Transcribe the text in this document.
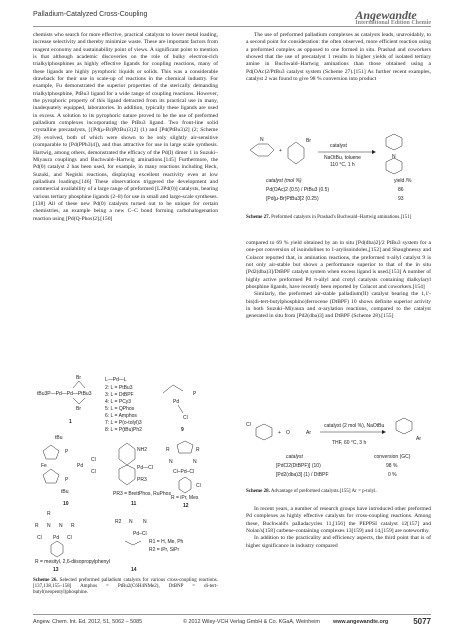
Palladium-Catalyzed Cross-Coupling	Angewandte
International Edition Chemie

chemists who search for more effective, practical catalysts to lower metal loading, increase selectivity and thereby minimize waste. These are important factors from reagent economy and sustainability point of views. A significant point to mention is that although academic discoveries on the role of bulky electron-rich trialkylphosphines as highly effective ligands for coupling reactions, many of these ligands are highly pyrophoric liquids or solids. This was a considerable drawback for their use in scale-up of reactions in the chemical industry. For example, Fu demonstrated the superior properties of the sterically demanding trialkylphosphine, PtBu3 ligand for a wide range of coupling reactions. However, the pyrophoric property of this ligand detracted from its practical use in many, inadequately equipped, laboratories. In addition, typically these ligands are used in excess. A solution to its pyrophoric nature proved to be the use of preformed palladium complexes incorporating the PtBu3 ligand. Two front-line solid crystalline precatalysts, [{Pd(μ-Br)P(tBu)3}2] (1) and [Pd(PtBu3)2] (2; Scheme 26) evolved, both of which were shown to be only slightly air-sensitive (comparable to [Pd(PPh3)4]), and thus attractive for use in large scale synthesis. Hartwig, among others, demonstrated the efficacy of the Pd(I) dimer 1 in Suzuki–Miyaura couplings and Buchwald–Hartwig aminations.[145] Furthermore, the Pd(0) catalyst 2 has been used, for example, in many reactions including Heck, Suzuki, and Negishi reactions, displaying excellent reactivity even at low palladium loadings.[146] These observations triggered the development and commercial availability of a large range of preformed [L2Pd(0)] catalysts, bearing various tertiary phosphine ligands (2–8) for use in small and large-scale syntheses.[138] All of these new Pd(0) catalysts turned out to be unique for certain chemistries, an example being a new C–C bond forming carbohalogenation reaction using [Pd(Q-Phos)2].[150]

tBu3P—Pd—Pd—PtBu3
Br
Br
1
L—Pd—L
2: L = PtBu3
3: L = DtBPF
4: L = PCy3
5: L = QPhos
6: L = Amphos
7: L = P(o-tolyl)3
8: L = P(tBu)Ph2
Pd
Cl
P
9
tBu
Fe
P
P
Pd
Cl
Cl
tBu
10
NH2
Pd—Cl
PR3
PR3 = BrettPhos, RuPhos
11
R	R
N	N
Cl–Pd–Cl
Cl
R = iPr, Mes
12
R
R N N R
Cl Pd Cl
R = mesityl, 2,6-diisopropylphenyl
13
R2 N N
Pd–Cl
R1 = H, Me, Ph
R2 = iPr, SiPr
14
Scheme 26. Selected preformed palladium catalysts for various cross-coupling reactions.[137,138,155–158] Amphos = PtBu2(C6H4NMe2), DtBNP = di-tert-butyl(neopentyl)phosphine.

The use of preformed palladium complexes as catalysts leads, unavoidably, to a second point for consideration: the often observed, more efficient reaction using a preformed complex as opposed to one formed in situ. Prashad and coworkers showed that the use of precatalyst 1 results in higher yields of isolated tertiary amine in Buchwald–Hartwig aminations than those obtained using a Pd(OAc)2/PtBu3 catalyst system (Scheme 27).[151] As further recent examples, catalyst 2 was found to give 98 % conversion into product

N
+
Br
catalyst
NaOtBu, toluene
110 °C, 1 h
N
catalyst (mol %)	yield /%
Pd(OAc)2 (0.5) / PtBu3 (0.5)	86
[Pd(μ-Br)PtBu3]2 (0.25)	93
Scheme 27. Preformed catalysts in Prashad's Buchwald–Hartwig aminations.[151]

compared to 69 % yield obtained by an in situ [Pd(dba)2]/2 PtBu3 system for a one-pot conversion of isoindolines to 1-arylisoindoles,[152] and Shaughnessy and Colacot reported that, in amination reactions, the preformed π-allyl catalyst 9 is not only air-stable but shows a performance superior to that of the in situ [Pd2(dba)3]/DtBPF catalyst system when excess ligand is used.[153] A number of highly active preformed Pd π-allyl and crotyl catalysts containing dialkylaryl phosphine ligands, have recently been reported by Colacot and coworkers.[154]

Similarly, the preformed air-stable palladium(II) catalyst bearing the 1,1'-bis(di-tert-butylphosphino)ferrocene (DtBPF) 10 shows definite superior activity in both Suzuki–Miyaura and α-arylation reactions, compared to the catalyst generated in situ from [Pd2(dba)3] and DtBPF (Scheme 28).[155]

Cl
+ O	Ar
catalyst (2 mol %), NaOtBu
THF, 60 °C, 3 h
Ar
catalyst	conversion (GC)
[PdCl2(DtBPF)] (10)	98 %
[Pd2(dba)3] (1) / DtBPF	0 %
Scheme 28. Advantage of preformed catalysts.[155] Ar = p-tolyl.

In recent years, a number of research groups have introduced other preformed Pd complexes as highly effective catalysts for cross-coupling reactions. Among these, Buchwald's palladacycles 11,[156] the PEPPSI catalyst 12[157] and Nolan's[158] carbene-containing complexes 13[159] and 14,[159] are noteworthy.

In addition to the practicality and efficiency aspects, the third point that is of higher significance in industry compared

Angew. Chem. Int. Ed. 2012, 51, 5062 – 5085	© 2012 Wiley-VCH Verlag GmbH & Co. KGaA, Weinheim www.angewandte.org	5077
